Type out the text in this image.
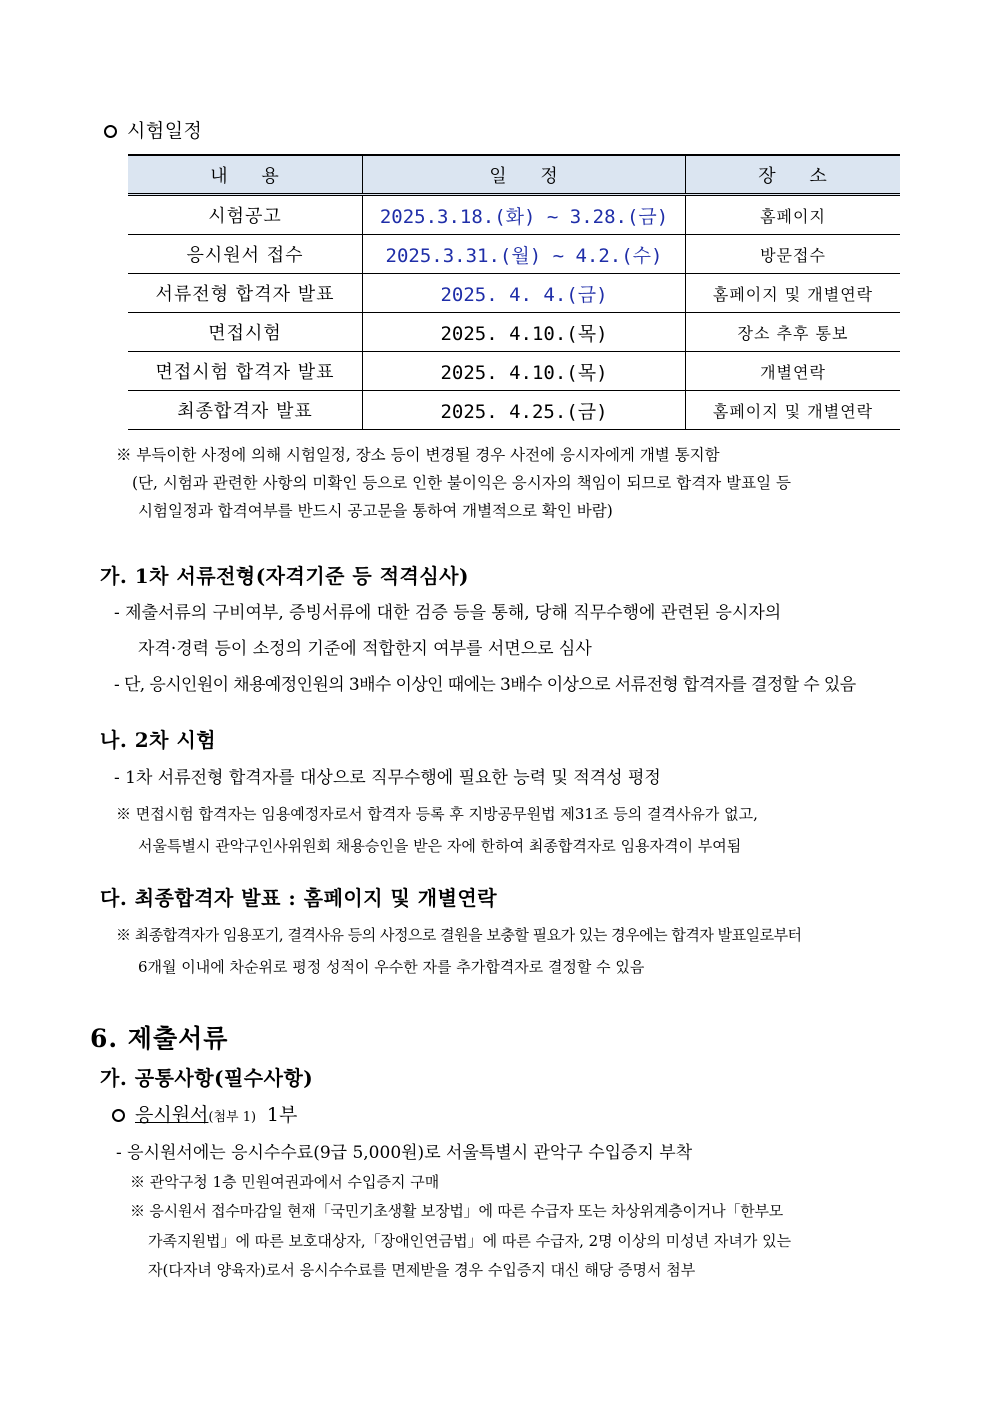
시험일정
내 용	일 정	장 소
시험공고	2025.3.18.(화) ~ 3.28.(금)	홈페이지
응시원서 접수	2025.3.31.(월) ~ 4.2.(수)	방문접수
서류전형 합격자 발표	2025. 4. 4.(금)	홈페이지 및 개별연락
면접시험	2025. 4.10.(목)	장소 추후 통보
면접시험 합격자 발표	2025. 4.10.(목)	개별연락
최종합격자 발표	2025. 4.25.(금)	홈페이지 및 개별연락
※ 부득이한 사정에 의해 시험일정, 장소 등이 변경될 경우 사전에 응시자에게 개별 통지함
(단, 시험과 관련한 사항의 미확인 등으로 인한 불이익은 응시자의 책임이 되므로 합격자 발표일 등
시험일정과 합격여부를 반드시 공고문을 통하여 개별적으로 확인 바람)
가. 1차 서류전형(자격기준 등 적격심사)
- 제출서류의 구비여부, 증빙서류에 대한 검증 등을 통해, 당해 직무수행에 관련된 응시자의
자격·경력 등이 소정의 기준에 적합한지 여부를 서면으로 심사
- 단, 응시인원이 채용예정인원의 3배수 이상인 때에는 3배수 이상으로 서류전형 합격자를 결정할 수 있음
나. 2차 시험
- 1차 서류전형 합격자를 대상으로 직무수행에 필요한 능력 및 적격성 평정
※ 면접시험 합격자는 임용예정자로서 합격자 등록 후 지방공무원법 제31조 등의 결격사유가 없고,
서울특별시 관악구인사위원회 채용승인을 받은 자에 한하여 최종합격자로 임용자격이 부여됨
다. 최종합격자 발표 : 홈페이지 및 개별연락
※ 최종합격자가 임용포기, 결격사유 등의 사정으로 결원을 보충할 필요가 있는 경우에는 합격자 발표일로부터
6개월 이내에 차순위로 평정 성적이 우수한 자를 추가합격자로 결정할 수 있음
6. 제출서류
가. 공통사항(필수사항)
응시원서(첨부 1) 1부
- 응시원서에는 응시수수료(9급 5,000원)로 서울특별시 관악구 수입증지 부착
※ 관악구청 1층 민원여권과에서 수입증지 구매
※ 응시원서 접수마감일 현재「국민기초생활 보장법」에 따른 수급자 또는 차상위계층이거나「한부모
가족지원법」에 따른 보호대상자,「장애인연금법」에 따른 수급자, 2명 이상의 미성년 자녀가 있는
자(다자녀 양육자)로서 응시수수료를 면제받을 경우 수입증지 대신 해당 증명서 첨부
